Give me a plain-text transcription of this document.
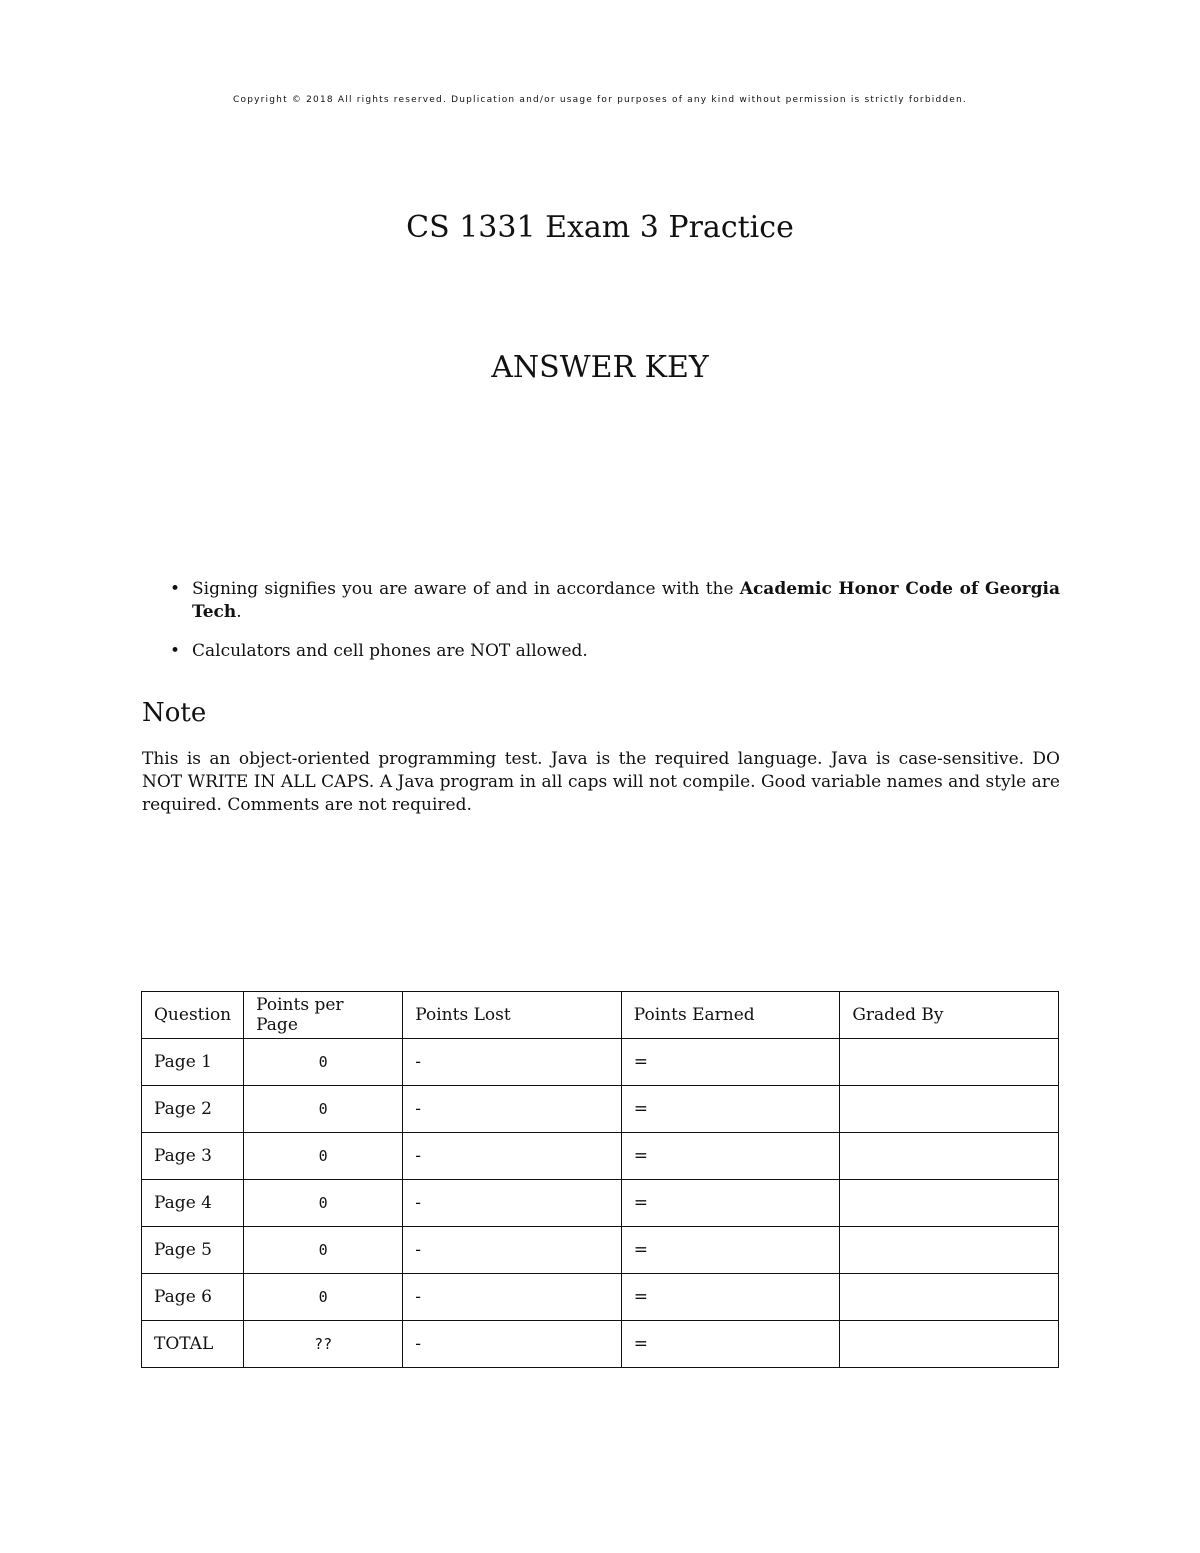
Copyright © 2018 All rights reserved. Duplication and/or usage for purposes of any kind without permission is strictly forbidden.
CS 1331 Exam 3 Practice
ANSWER KEY
• Signing signifies you are aware of and in accordance with the Academic Honor Code of Georgia Tech.
• Calculators and cell phones are NOT allowed.
Note

This is an object-oriented programming test. Java is the required language. Java is case-sensitive. DO NOT WRITE IN ALL CAPS. A Java program in all caps will not compile. Good variable names and style are required. Comments are not required.

Question	Points per Page	Points Lost	Points Earned	Graded By
Page 1	0	-	=	
Page 2	0	-	=	
Page 3	0	-	=	
Page 4	0	-	=	
Page 5	0	-	=	
Page 6	0	-	=	
TOTAL	??	-	=	
